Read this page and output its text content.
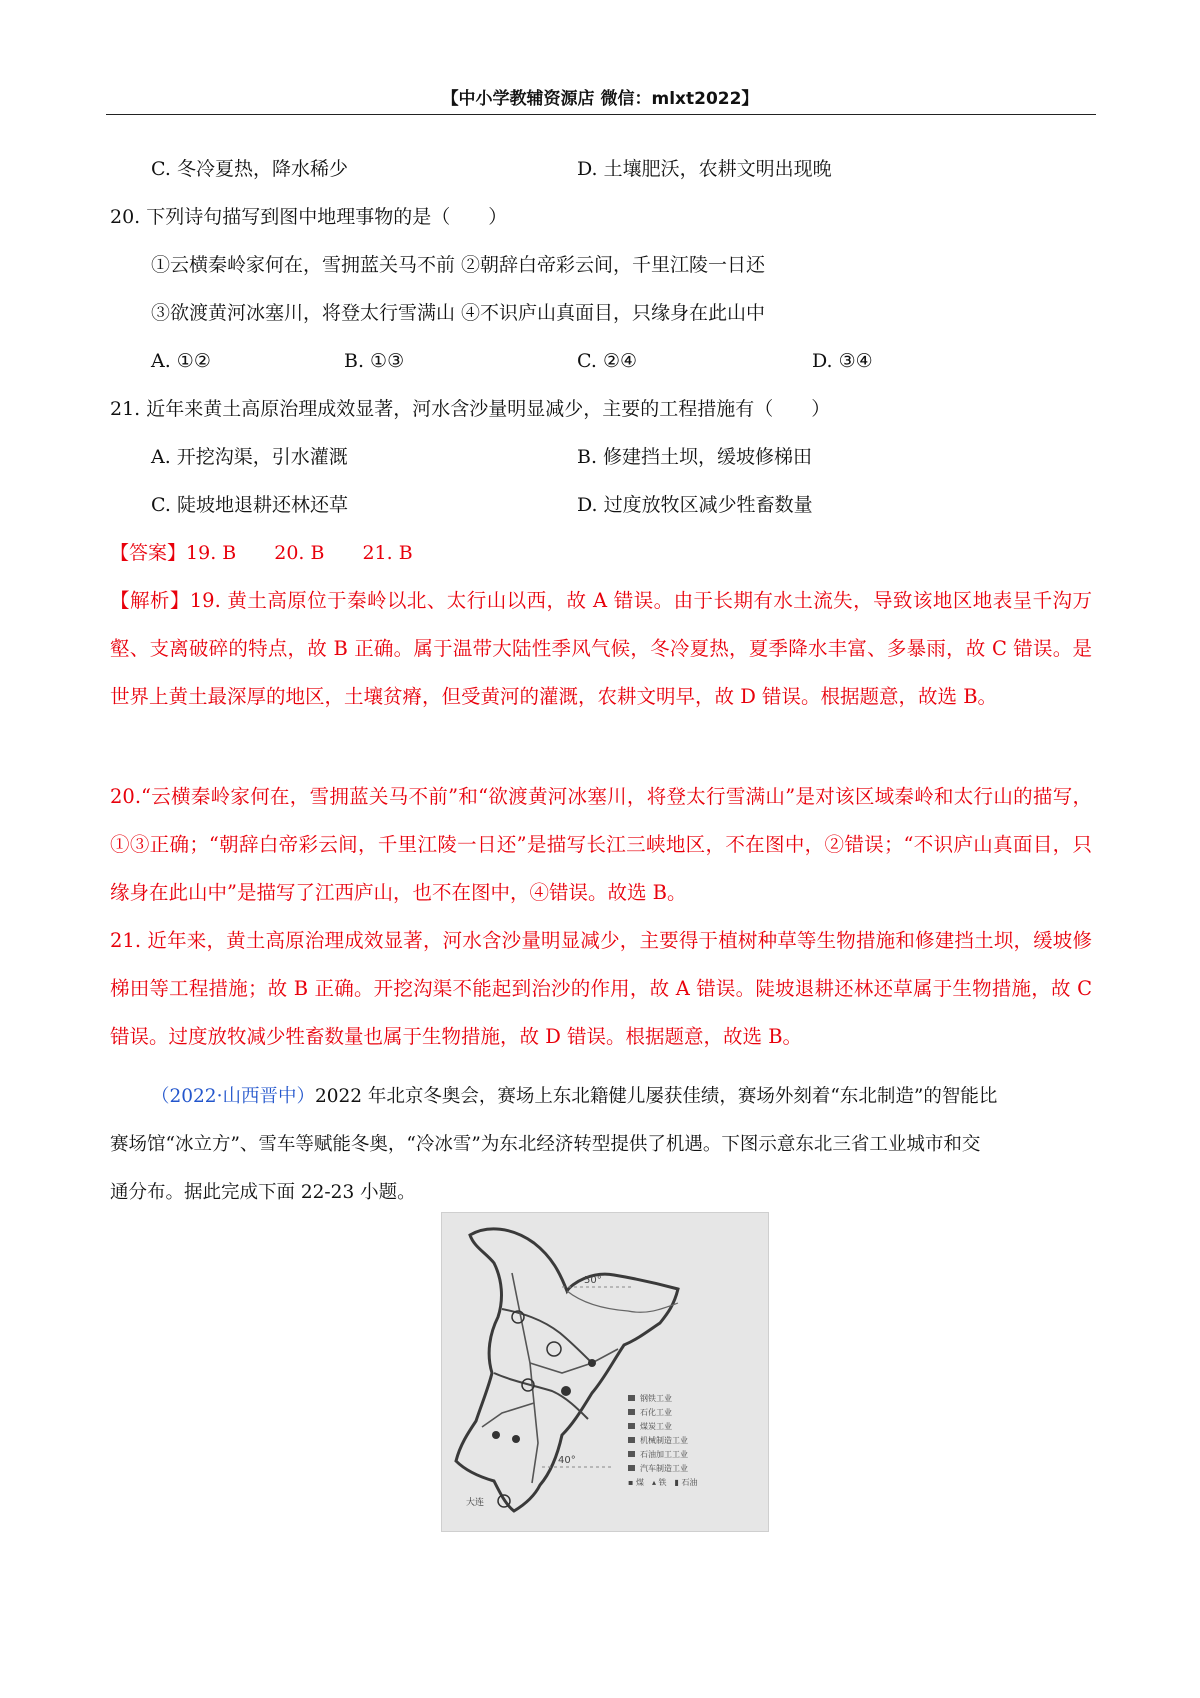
【中小学教辅资源店 微信：mlxt2022】
C. 冬冷夏热，降水稀少	D. 土壤肥沃，农耕文明出现晚
20. 下列诗句描写到图中地理事物的是（　　）
①云横秦岭家何在，雪拥蓝关马不前 ②朝辞白帝彩云间，千里江陵一日还
③欲渡黄河冰塞川，将登太行雪满山 ④不识庐山真面目，只缘身在此山中
A. ①②	B. ①③	C. ②④	D. ③④
21. 近年来黄土高原治理成效显著，河水含沙量明显减少，主要的工程措施有（　　）
A. 开挖沟渠，引水灌溉	B. 修建挡土坝，缓坡修梯田
C. 陡坡地退耕还林还草	D. 过度放牧区减少牲畜数量
【答案】19. B　　20. B　　21. B
【解析】19. 黄土高原位于秦岭以北、太行山以西，故 A 错误。由于长期有水土流失，导致该地区地表呈千沟万壑、支离破碎的特点，故 B 正确。属于温带大陆性季风气候，冬冷夏热，夏季降水丰富、多暴雨，故 C 错误。是世界上黄土最深厚的地区，土壤贫瘠，但受黄河的灌溉，农耕文明早，故 D 错误。根据题意，故选 B。
20.“云横秦岭家何在，雪拥蓝关马不前”和“欲渡黄河冰塞川，将登太行雪满山”是对该区域秦岭和太行山的描写，①③正确；“朝辞白帝彩云间，千里江陵一日还”是描写长江三峡地区，不在图中，②错误；“不识庐山真面目，只缘身在此山中”是描写了江西庐山，也不在图中，④错误。故选 B。
21. 近年来，黄土高原治理成效显著，河水含沙量明显减少，主要得于植树种草等生物措施和修建挡土坝，缓坡修梯田等工程措施；故 B 正确。开挖沟渠不能起到治沙的作用，故 A 错误。陡坡退耕还林还草属于生物措施，故 C 错误。过度放牧减少牲畜数量也属于生物措施，故 D 错误。根据题意，故选 B。
（2022·山西晋中）2022 年北京冬奥会，赛场上东北籍健儿屡获佳绩，赛场外刻着“东北制造”的智能比
赛场馆“冰立方”、雪车等赋能冬奥，“冷冰雪”为东北经济转型提供了机遇。下图示意东北三省工业城市和交
通分布。据此完成下面 22-23 小题。
50°
40°
大连
钢铁工业
石化工业
煤炭工业
机械制造工业
石油加工工业
汽车制造工业
▪ 煤　▴ 铁　▮ 石油
